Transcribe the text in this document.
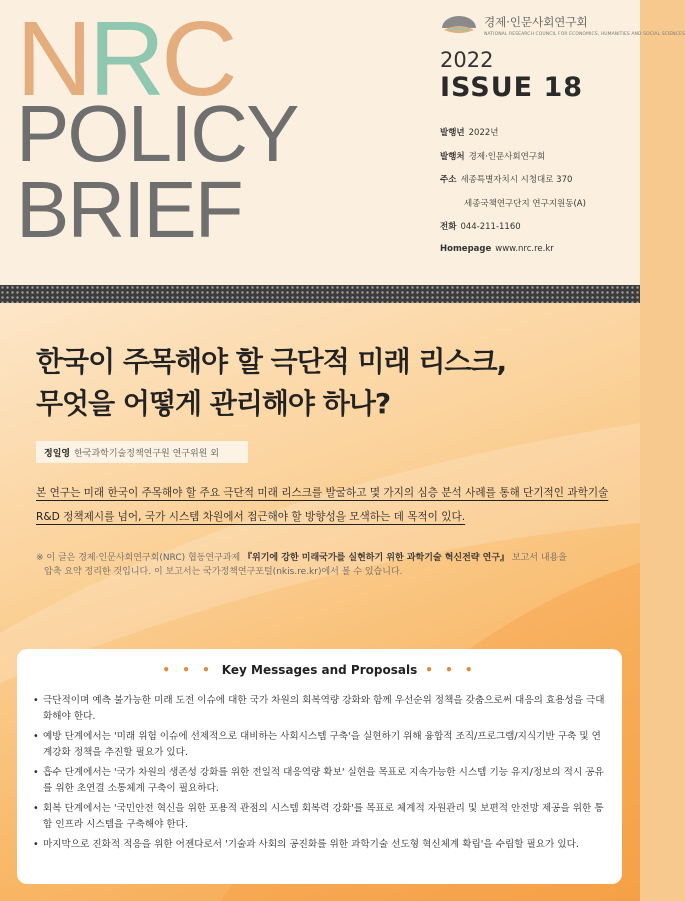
NRC
POLICY
BRIEF
경제·인문사회연구회
NATIONAL RESEARCH COUNCIL FOR ECONOMICS, HUMANITIES AND SOCIAL SCIENCES
2022
ISSUE 18
발행년 2022년
발행처 경제·인문사회연구회
주소 세종특별자치시 시청대로 370
세종국책연구단지 연구지원동(A)
전화 044-211-1160
Homepage www.nrc.re.kr
한국이 주목해야 할 극단적 미래 리스크,
무엇을 어떻게 관리해야 하나?
정일영 한국과학기술정책연구원 연구위원 외
본 연구는 미래 한국이 주목해야 할 주요 극단적 미래 리스크를 발굴하고 몇 가지의 심층 분석 사례를 통해 단기적인 과학기술 R&D 정책제시를 넘어, 국가 시스템 차원에서 접근해야 할 방향성을 모색하는 데 목적이 있다.
※ 이 글은 경제·인문사회연구회(NRC) 협동연구과제 『위기에 강한 미래국가를 실현하기 위한 과학기술 혁신전략 연구』 보고서 내용을
압축 요약 정리한 것입니다. 이 보고서는 국가정책연구포털(nkis.re.kr)에서 볼 수 있습니다.
• • • Key Messages and Proposals • • •
• 극단적이며 예측 불가능한 미래 도전 이슈에 대한 국가 차원의 회복역량 강화와 함께 우선순위 정책을 갖춤으로써 대응의 효용성을 극대화해야 한다.
• 예방 단계에서는 '미래 위험 이슈에 선제적으로 대비하는 사회시스템 구축'을 실현하기 위해 융합적 조직/프로그램/지식기반 구축 및 연계강화 정책을 추진할 필요가 있다.
• 흡수 단계에서는 '국가 차원의 생존성 강화를 위한 전일적 대응역량 확보' 실현을 목표로 지속가능한 시스템 기능 유지/정보의 적시 공유를 위한 초연결 소통체계 구축이 필요하다.
• 회복 단계에서는 '국민안전 혁신을 위한 포용적 관점의 시스템 회복력 강화'를 목표로 체계적 자원관리 및 보편적 안전망 제공을 위한 통합 인프라 시스템을 구축해야 한다.
• 마지막으로 진화적 적응을 위한 어젠다로서 '기술과 사회의 공진화를 위한 과학기술 선도형 혁신체계 확립'을 수립할 필요가 있다.
